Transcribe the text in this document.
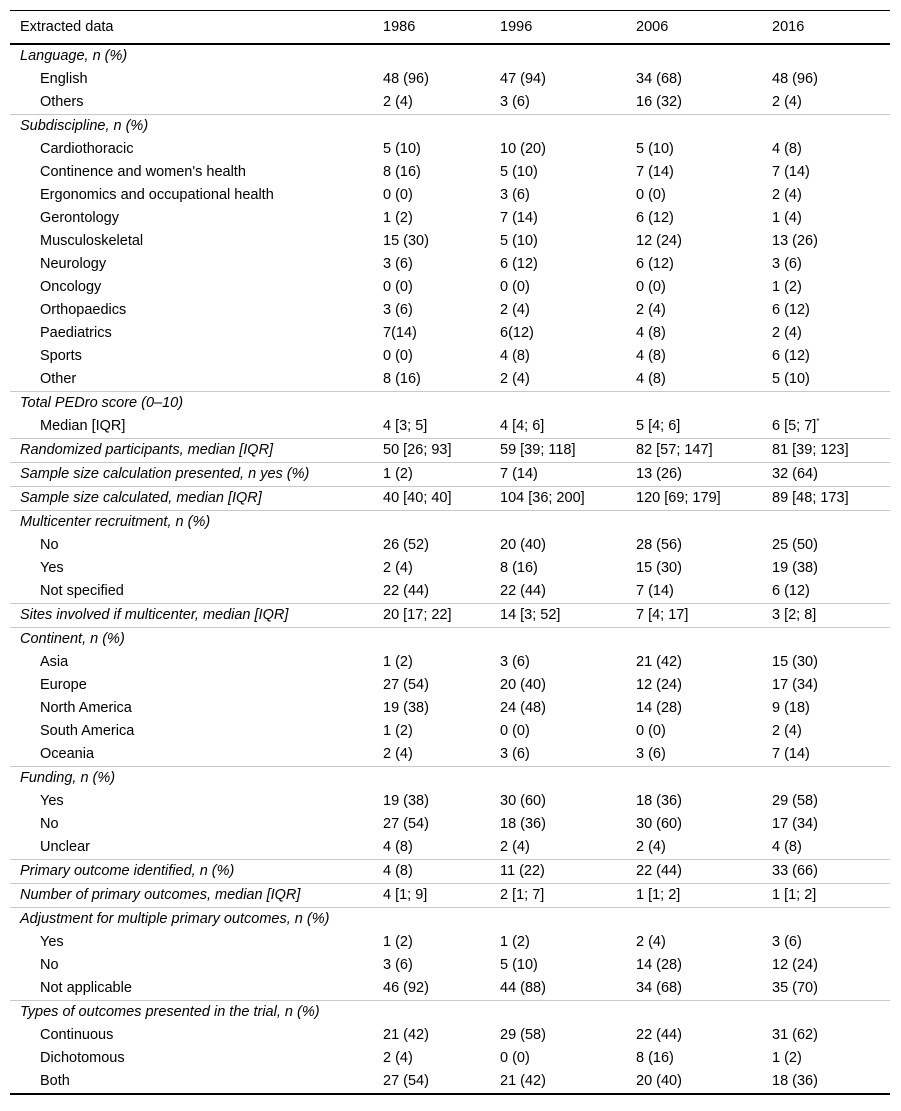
Extracted data	1986	1996	2006	2016
Language, n (%)				
English	48 (96)	47 (94)	34 (68)	48 (96)
Others	2 (4)	3 (6)	16 (32)	2 (4)
Subdiscipline, n (%)				
Cardiothoracic	5 (10)	10 (20)	5 (10)	4 (8)
Continence and women's health	8 (16)	5 (10)	7 (14)	7 (14)
Ergonomics and occupational health	0 (0)	3 (6)	0 (0)	2 (4)
Gerontology	1 (2)	7 (14)	6 (12)	1 (4)
Musculoskeletal	15 (30)	5 (10)	12 (24)	13 (26)
Neurology	3 (6)	6 (12)	6 (12)	3 (6)
Oncology	0 (0)	0 (0)	0 (0)	1 (2)
Orthopaedics	3 (6)	2 (4)	2 (4)	6 (12)
Paediatrics	7(14)	6(12)	4 (8)	2 (4)
Sports	0 (0)	4 (8)	4 (8)	6 (12)
Other	8 (16)	2 (4)	4 (8)	5 (10)
Total PEDro score (0–10)				
Median [IQR]	4 [3; 5]	4 [4; 6]	5 [4; 6]	6 [5; 7]*
Randomized participants, median [IQR]	50 [26; 93]	59 [39; 118]	82 [57; 147]	81 [39; 123]
Sample size calculation presented, n yes (%)	1 (2)	7 (14)	13 (26)	32 (64)
Sample size calculated, median [IQR]	40 [40; 40]	104 [36; 200]	120 [69; 179]	89 [48; 173]
Multicenter recruitment, n (%)				
No	26 (52)	20 (40)	28 (56)	25 (50)
Yes	2 (4)	8 (16)	15 (30)	19 (38)
Not specified	22 (44)	22 (44)	7 (14)	6 (12)
Sites involved if multicenter, median [IQR]	20 [17; 22]	14 [3; 52]	7 [4; 17]	3 [2; 8]
Continent, n (%)				
Asia	1 (2)	3 (6)	21 (42)	15 (30)
Europe	27 (54)	20 (40)	12 (24)	17 (34)
North America	19 (38)	24 (48)	14 (28)	9 (18)
South America	1 (2)	0 (0)	0 (0)	2 (4)
Oceania	2 (4)	3 (6)	3 (6)	7 (14)
Funding, n (%)				
Yes	19 (38)	30 (60)	18 (36)	29 (58)
No	27 (54)	18 (36)	30 (60)	17 (34)
Unclear	4 (8)	2 (4)	2 (4)	4 (8)
Primary outcome identified, n (%)	4 (8)	11 (22)	22 (44)	33 (66)
Number of primary outcomes, median [IQR]	4 [1; 9]	2 [1; 7]	1 [1; 2]	1 [1; 2]
Adjustment for multiple primary outcomes, n (%)				
Yes	1 (2)	1 (2)	2 (4)	3 (6)
No	3 (6)	5 (10)	14 (28)	12 (24)
Not applicable	46 (92)	44 (88)	34 (68)	35 (70)
Types of outcomes presented in the trial, n (%)				
Continuous	21 (42)	29 (58)	22 (44)	31 (62)
Dichotomous	2 (4)	0 (0)	8 (16)	1 (2)
Both	27 (54)	21 (42)	20 (40)	18 (36)
